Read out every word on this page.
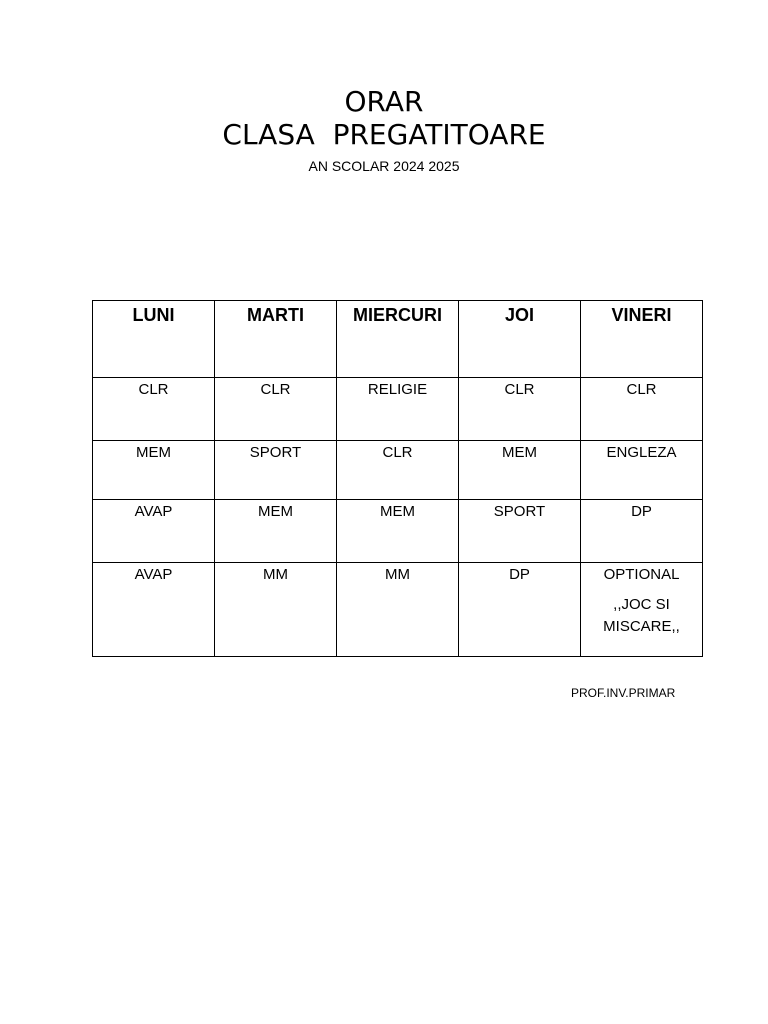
ORAR
CLASA  PREGATITOARE
AN SCOLAR 2024 2025
LUNI	MARTI	MIERCURI	JOI	VINERI

CLR	CLR	RELIGIE	CLR	CLR

MEM	SPORT	CLR	MEM	ENGLEZA

AVAP	MEM	MEM	SPORT	DP

AVAP	MM	MM	DP	OPTIONAL
,,JOC SI
MISCARE,,
PROF.INV.PRIMAR
